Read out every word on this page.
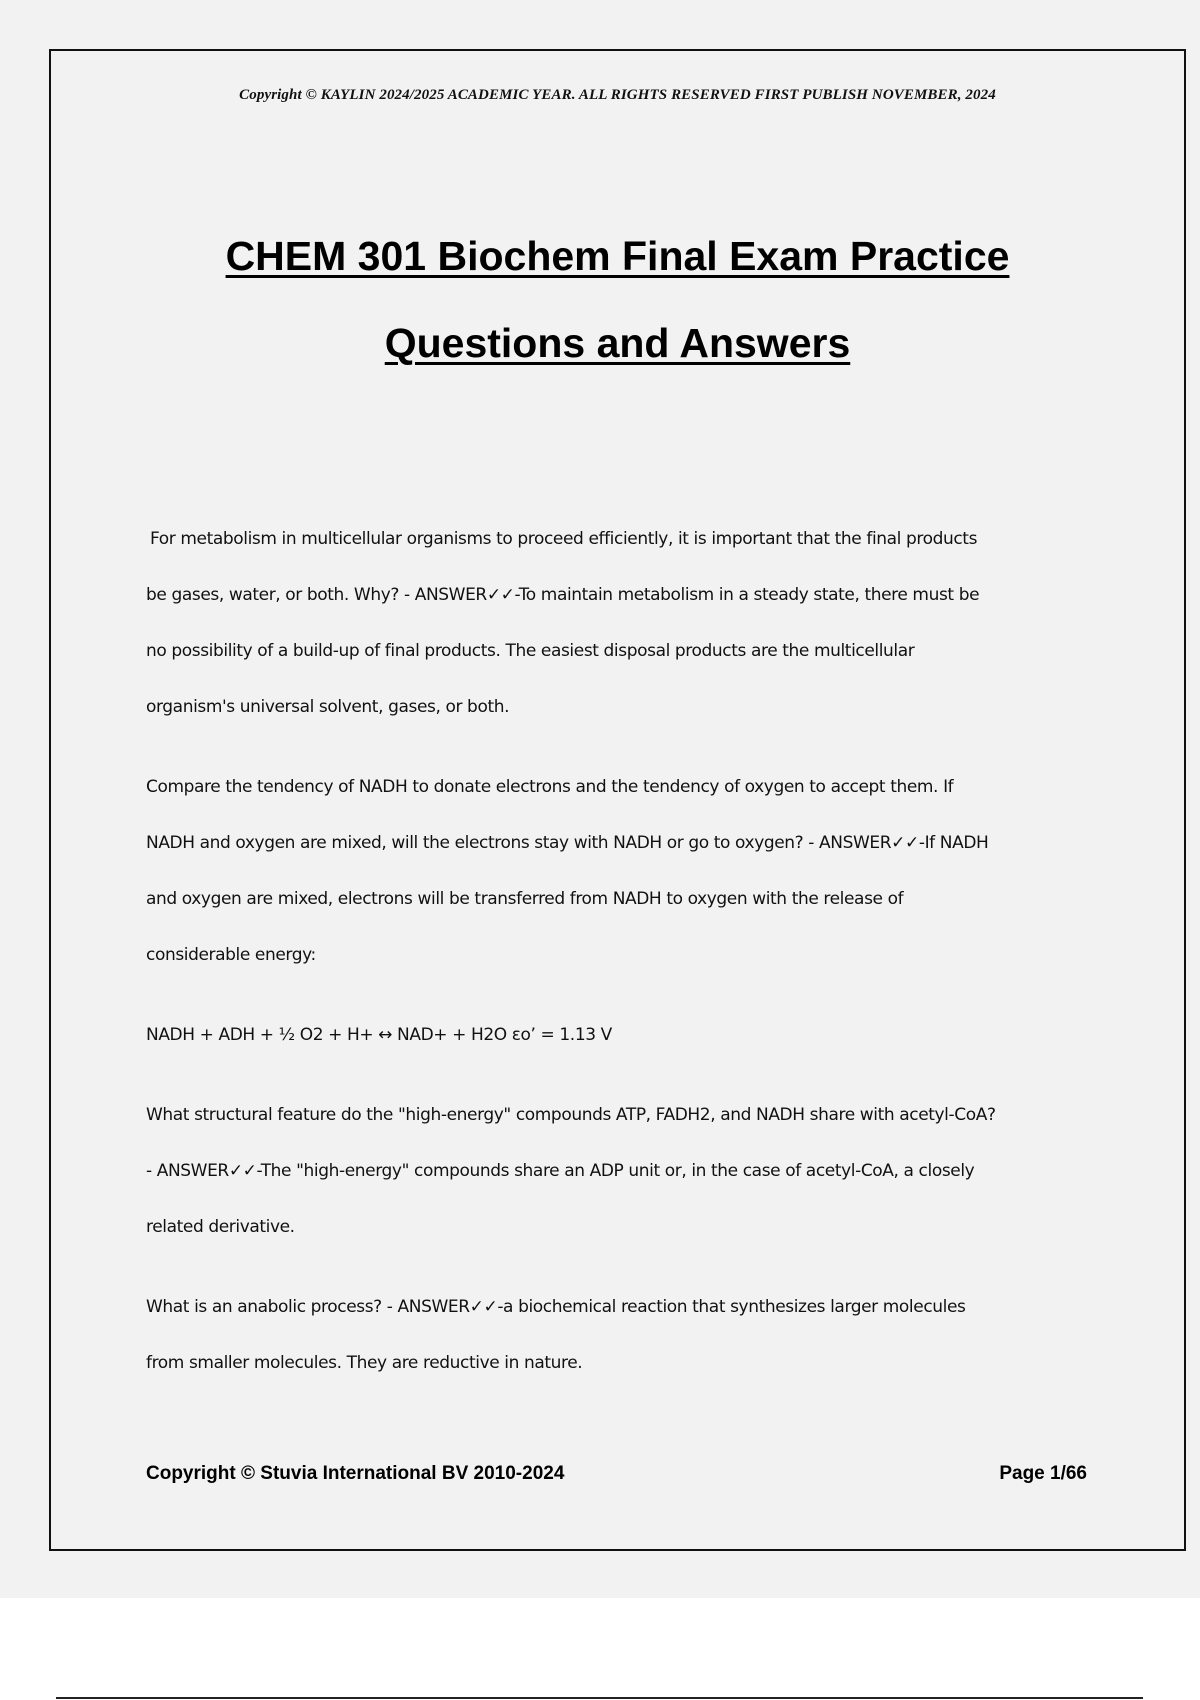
Copyright © KAYLIN 2024/2025 ACADEMIC YEAR. ALL RIGHTS RESERVED FIRST PUBLISH NOVEMBER, 2024
CHEM 301 Biochem Final Exam Practice
Questions and Answers

For metabolism in multicellular organisms to proceed efficiently, it is important that the final products

be gases, water, or both. Why? - ANSWER✓✓-To maintain metabolism in a steady state, there must be

no possibility of a build-up of final products. The easiest disposal products are the multicellular

organism's universal solvent, gases, or both.

Compare the tendency of NADH to donate electrons and the tendency of oxygen to accept them. If

NADH and oxygen are mixed, will the electrons stay with NADH or go to oxygen? - ANSWER✓✓-If NADH

and oxygen are mixed, electrons will be transferred from NADH to oxygen with the release of

considerable energy:

NADH + ADH + ½ O2 + H+ ↔ NAD+ + H2O εo’ = 1.13 V

What structural feature do the "high-energy" compounds ATP, FADH2, and NADH share with acetyl-CoA?

- ANSWER✓✓-The "high-energy" compounds share an ADP unit or, in the case of acetyl-CoA, a closely

related derivative.

What is an anabolic process? - ANSWER✓✓-a biochemical reaction that synthesizes larger molecules

from smaller molecules. They are reductive in nature.

Copyright © Stuvia International BV 2010-2024	Page 1/66
